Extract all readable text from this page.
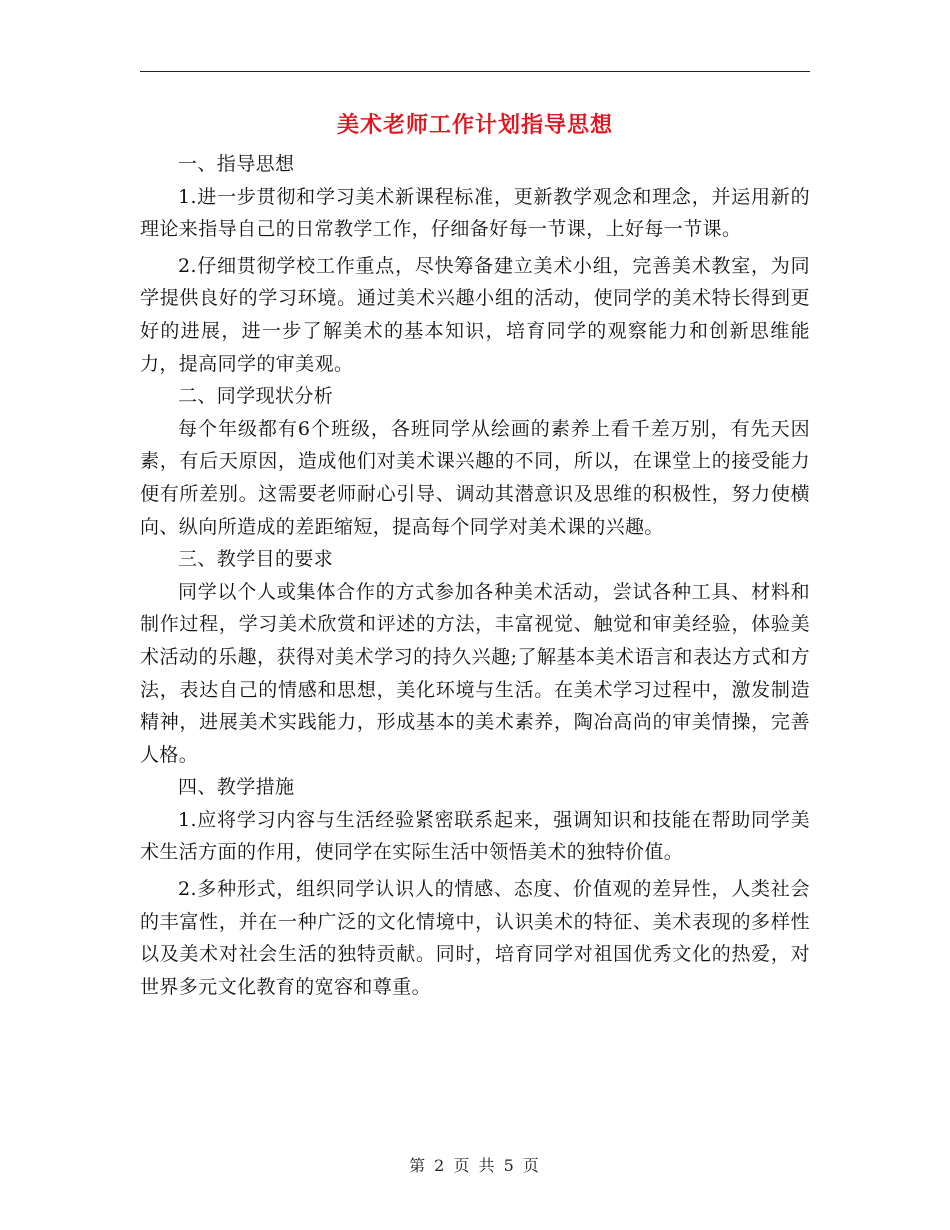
美术老师工作计划指导思想

一、指导思想

1.进一步贯彻和学习美术新课程标准，更新教学观念和理念，并运用新的理论来指导自己的日常教学工作，仔细备好每一节课，上好每一节课。

2.仔细贯彻学校工作重点，尽快筹备建立美术小组，完善美术教室，为同学提供良好的学习环境。通过美术兴趣小组的活动，使同学的美术特长得到更好的进展，进一步了解美术的基本知识，培育同学的观察能力和创新思维能力，提高同学的审美观。

二、同学现状分析

每个年级都有6个班级，各班同学从绘画的素养上看千差万别，有先天因素，有后天原因，造成他们对美术课兴趣的不同，所以，在课堂上的接受能力便有所差别。这需要老师耐心引导、调动其潜意识及思维的积极性，努力使横向、纵向所造成的差距缩短，提高每个同学对美术课的兴趣。

三、教学目的要求

同学以个人或集体合作的方式参加各种美术活动，尝试各种工具、材料和制作过程，学习美术欣赏和评述的方法，丰富视觉、触觉和审美经验，体验美术活动的乐趣，获得对美术学习的持久兴趣;了解基本美术语言和表达方式和方法，表达自己的情感和思想，美化环境与生活。在美术学习过程中，激发制造精神，进展美术实践能力，形成基本的美术素养，陶冶高尚的审美情操，完善人格。

四、教学措施

1.应将学习内容与生活经验紧密联系起来，强调知识和技能在帮助同学美术生活方面的作用，使同学在实际生活中领悟美术的独特价值。

2.多种形式，组织同学认识人的情感、态度、价值观的差异性，人类社会的丰富性，并在一种广泛的文化情境中，认识美术的特征、美术表现的多样性以及美术对社会生活的独特贡献。同时，培育同学对祖国优秀文化的热爱，对世界多元文化教育的宽容和尊重。

第 2 页 共 5 页
